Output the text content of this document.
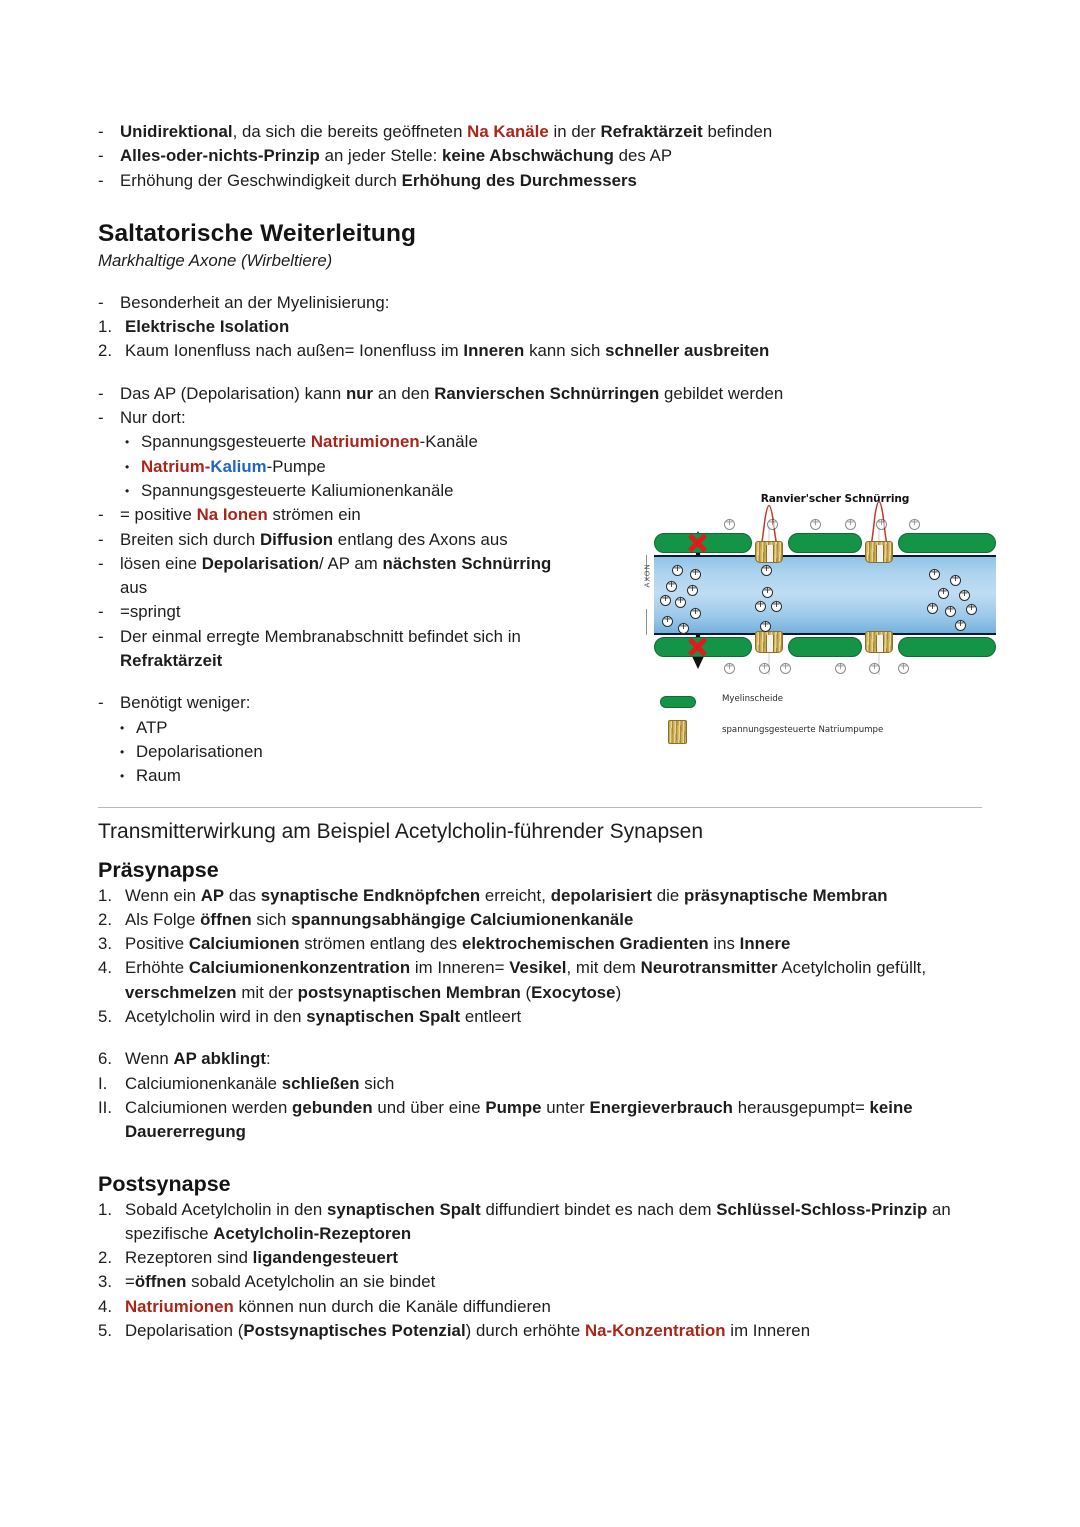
- Unidirektional, da sich die bereits geöffneten Na Kanäle in der Refraktärzeit befinden
- Alles-oder-nichts-Prinzip an jeder Stelle: keine Abschwächung des AP
- Erhöhung der Geschwindigkeit durch Erhöhung des Durchmessers
Saltatorische Weiterleitung
Markhaltige Axone (Wirbeltiere)
- Besonderheit an der Myelinisierung:
1. Elektrische Isolation
2. Kaum Ionenfluss nach außen= Ionenfluss im Inneren kann sich schneller ausbreiten
- Das AP (Depolarisation) kann nur an den Ranvierschen Schnürringen gebildet werden
- Nur dort:
• Spannungsgesteuerte Natriumionen-Kanäle
• Natrium-Kalium-Pumpe
• Spannungsgesteuerte Kaliumionenkanäle
- = positive Na Ionen strömen ein
- Breiten sich durch Diffusion entlang des Axons aus
- lösen eine Depolarisation/ AP am nächsten Schnürring aus
- =springt
- Der einmal erregte Membranabschnitt befindet sich in Refraktärzeit
- Benötigt weniger:
• ATP
• Depolarisationen
• Raum
Ranvier'scher Schnürring
AXON
+
+
+
+
+
+
+
+
+
+
+
+
+
+
+
+
+
+
+
+
+
+
+
+
+
+
+
+
+
+
+
+
+
+
Myelinscheide
spannungsgesteuerte Natriumpumpe
Transmitterwirkung am Beispiel Acetylcholin-führender Synapsen
Präsynapse
1. Wenn ein AP das synaptische Endknöpfchen erreicht, depolarisiert die präsynaptische Membran
2. Als Folge öffnen sich spannungsabhängige Calciumionenkanäle
3. Positive Calciumionen strömen entlang des elektrochemischen Gradienten ins Innere
4. Erhöhte Calciumionenkonzentration im Inneren= Vesikel, mit dem Neurotransmitter Acetylcholin gefüllt, verschmelzen mit der postsynaptischen Membran (Exocytose)
5. Acetylcholin wird in den synaptischen Spalt entleert
6. Wenn AP abklingt:
I.	Calciumionenkanäle schließen sich
II. Calciumionen werden gebunden und über eine Pumpe unter Energieverbrauch herausgepumpt= keine Dauererregung
Postsynapse
1. Sobald Acetylcholin in den synaptischen Spalt diffundiert bindet es nach dem Schlüssel-Schloss-Prinzip an spezifische Acetylcholin-Rezeptoren
2. Rezeptoren sind ligandengesteuert
3. =öffnen sobald Acetylcholin an sie bindet
4. Natriumionen können nun durch die Kanäle diffundieren
5. Depolarisation (Postsynaptisches Potenzial) durch erhöhte Na-Konzentration im Inneren
